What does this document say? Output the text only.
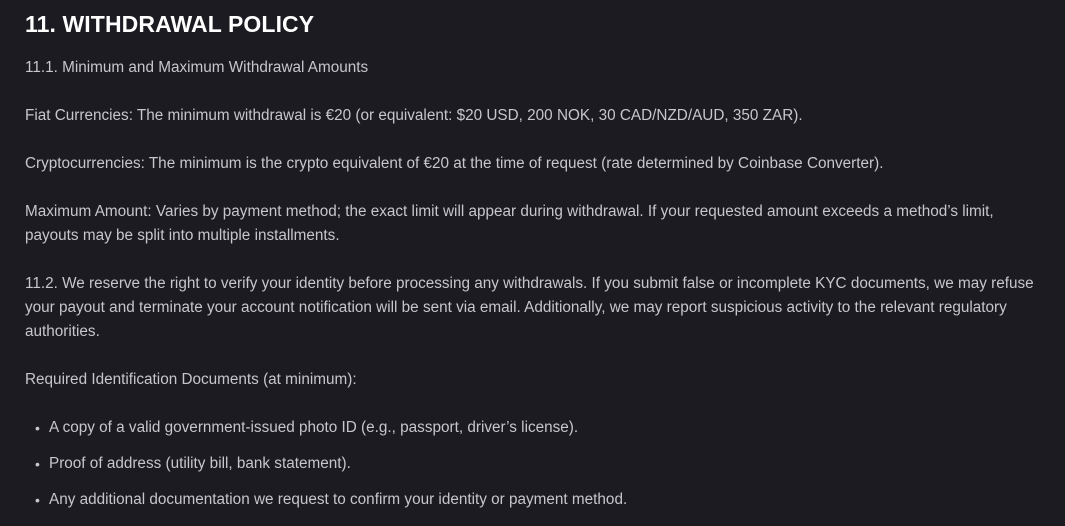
11. WITHDRAWAL POLICY

11.1. Minimum and Maximum Withdrawal Amounts

Fiat Currencies: The minimum withdrawal is €20 (or equivalent: $20 USD, 200 NOK, 30 CAD/NZD/AUD, 350 ZAR).

Cryptocurrencies: The minimum is the crypto equivalent of €20 at the time of request (rate determined by Coinbase Converter).

Maximum Amount: Varies by payment method; the exact limit will appear during withdrawal. If your requested amount exceeds a method’s limit, payouts may be split into multiple installments.

11.2. We reserve the right to verify your identity before processing any withdrawals. If you submit false or incomplete KYC documents, we may refuse your payout and terminate your account notification will be sent via email. Additionally, we may report suspicious activity to the relevant regulatory authorities.

Required Identification Documents (at minimum):

• A copy of a valid government-issued photo ID (e.g., passport, driver’s license).
• Proof of address (utility bill, bank statement).
• Any additional documentation we request to confirm your identity or payment method.
